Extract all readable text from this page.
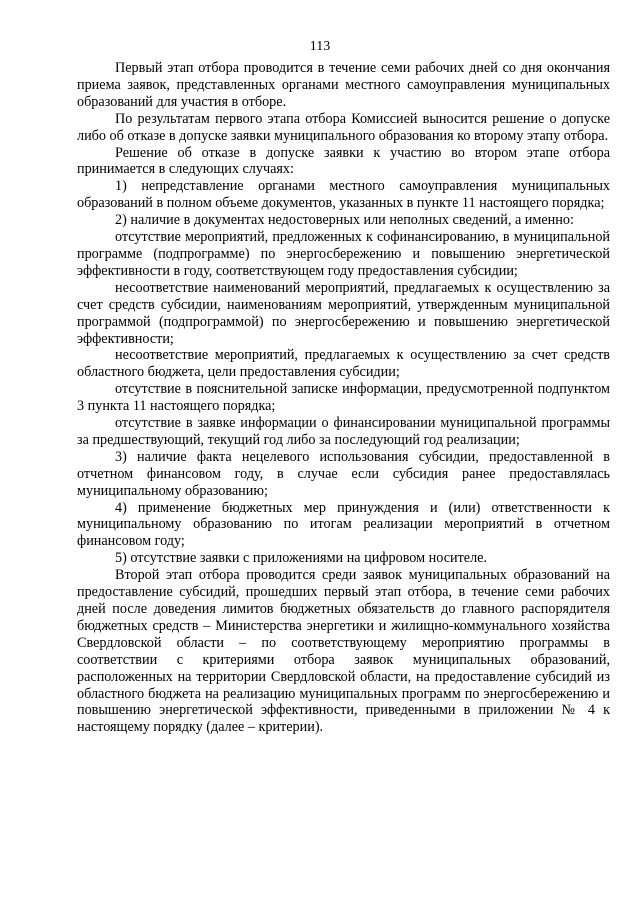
113

Первый этап отбора проводится в течение семи рабочих дней со дня окончания приема заявок, представленных органами местного самоуправления муниципальных образований для участия в отборе.

По результатам первого этапа отбора Комиссией выносится решение о допуске либо об отказе в допуске заявки муниципального образования ко второму этапу отбора.

Решение об отказе в допуске заявки к участию во втором этапе отбора принимается в следующих случаях:

1) непредставление органами местного самоуправления муниципальных образований в полном объеме документов, указанных в пункте 11 настоящего порядка;

2) наличие в документах недостоверных или неполных сведений, а именно:

отсутствие мероприятий, предложенных к софинансированию, в муниципальной программе (подпрограмме) по энергосбережению и повышению энергетической эффективности в году, соответствующем году предоставления субсидии;

несоответствие наименований мероприятий, предлагаемых к осуществлению за счет средств субсидии, наименованиям мероприятий, утвержденным муниципальной программой (подпрограммой) по энергосбережению и повышению энергетической эффективности;

несоответствие мероприятий, предлагаемых к осуществлению за счет средств областного бюджета, цели предоставления субсидии;

отсутствие в пояснительной записке информации, предусмотренной подпунктом 3 пункта 11 настоящего порядка;

отсутствие в заявке информации о финансировании муниципальной программы за предшествующий, текущий год либо за последующий год реализации;

3) наличие факта нецелевого использования субсидии, предоставленной в отчетном финансовом году, в случае если субсидия ранее предоставлялась муниципальному образованию;

4) применение бюджетных мер принуждения и (или) ответственности к муниципальному образованию по итогам реализации мероприятий в отчетном финансовом году;

5) отсутствие заявки с приложениями на цифровом носителе.

Второй этап отбора проводится среди заявок муниципальных образований на предоставление субсидий, прошедших первый этап отбора, в течение семи рабочих дней после доведения лимитов бюджетных обязательств до главного распорядителя бюджетных средств – Министерства энергетики и жилищно-коммунального хозяйства Свердловской области – по соответствующему мероприятию программы в соответствии с критериями отбора заявок муниципальных образований, расположенных на территории Свердловской области, на предоставление субсидий из областного бюджета на реализацию муниципальных программ по энергосбережению и повышению энергетической эффективности, приведенными в приложении № 4 к настоящему порядку (далее – критерии).
